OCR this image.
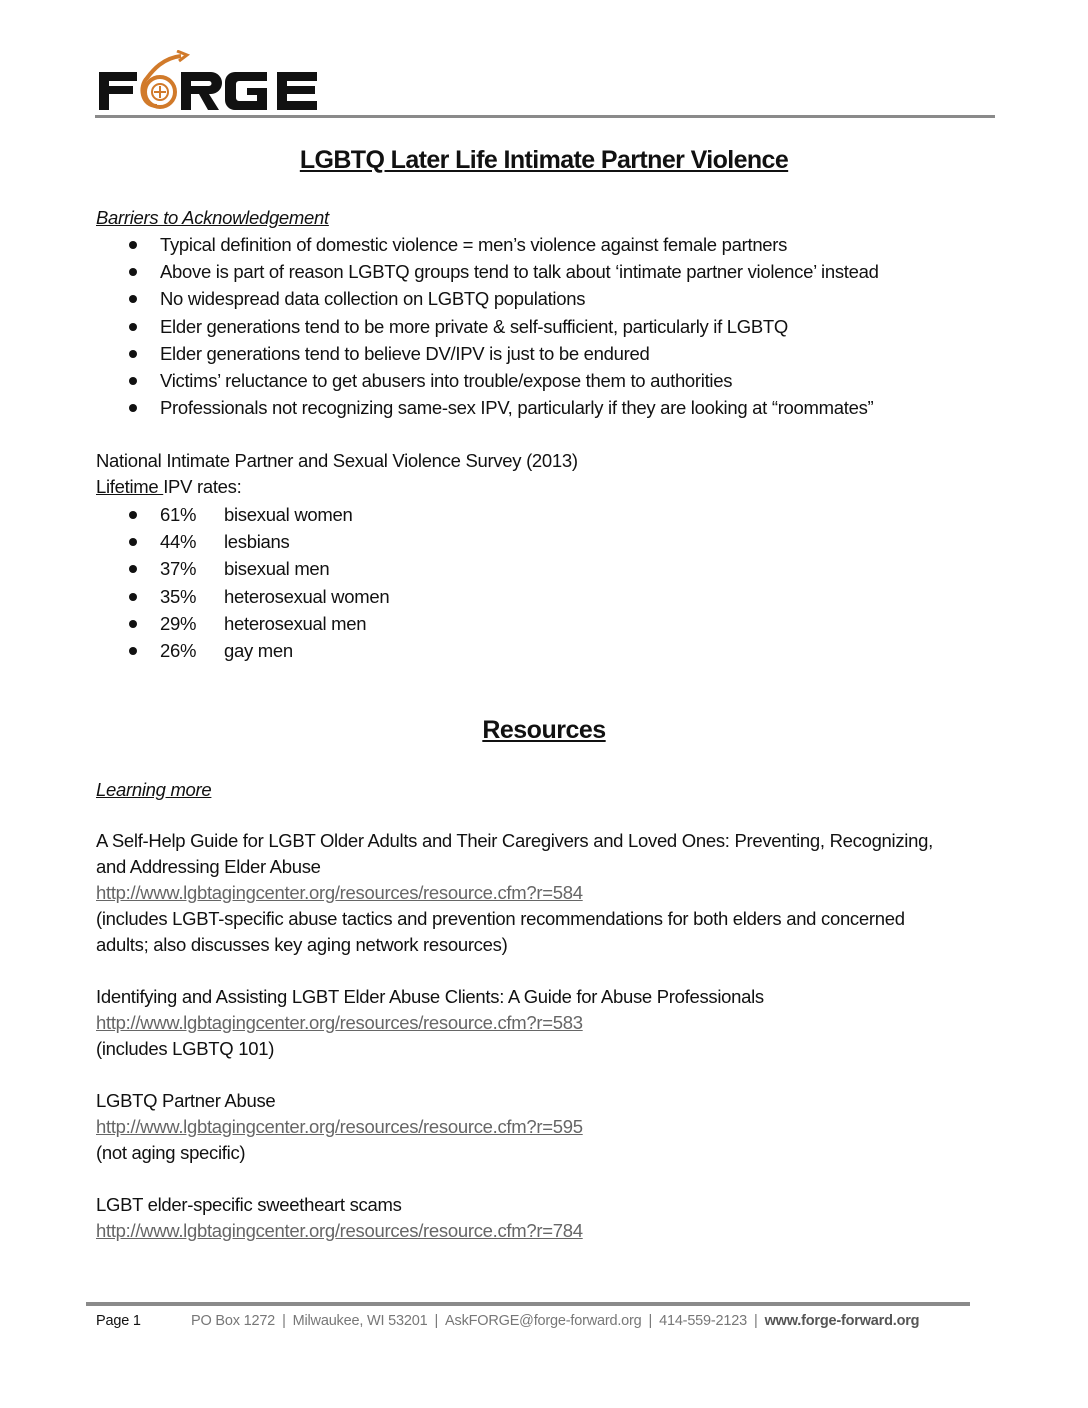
LGBTQ Later Life Intimate Partner Violence
Barriers to Acknowledgement
Typical definition of domestic violence = men’s violence against female partners
Above is part of reason LGBTQ groups tend to talk about ‘intimate partner violence’ instead
No widespread data collection on LGBTQ populations
Elder generations tend to be more private & self-sufficient, particularly if LGBTQ
Elder generations tend to believe DV/IPV is just to be endured
Victims’ reluctance to get abusers into trouble/expose them to authorities
Professionals not recognizing same-sex IPV, particularly if they are looking at “roommates”
National Intimate Partner and Sexual Violence Survey (2013)
Lifetime IPV rates:
61% bisexual women
44% lesbians
37% bisexual men
35% heterosexual women
29% heterosexual men
26% gay men
Resources
Learning more
A Self-Help Guide for LGBT Older Adults and Their Caregivers and Loved Ones: Preventing, Recognizing,
and Addressing Elder Abuse
http://www.lgbtagingcenter.org/resources/resource.cfm?r=584
(includes LGBT-specific abuse tactics and prevention recommendations for both elders and concerned
adults; also discusses key aging network resources)
Identifying and Assisting LGBT Elder Abuse Clients: A Guide for Abuse Professionals
http://www.lgbtagingcenter.org/resources/resource.cfm?r=583
(includes LGBTQ 101)
LGBTQ Partner Abuse
http://www.lgbtagingcenter.org/resources/resource.cfm?r=595
(not aging specific)
LGBT elder-specific sweetheart scams
http://www.lgbtagingcenter.org/resources/resource.cfm?r=784
Page 1	PO Box 1272 | Milwaukee, WI 53201 | AskFORGE@forge-forward.org | 414-559-2123 | www.forge-forward.org
